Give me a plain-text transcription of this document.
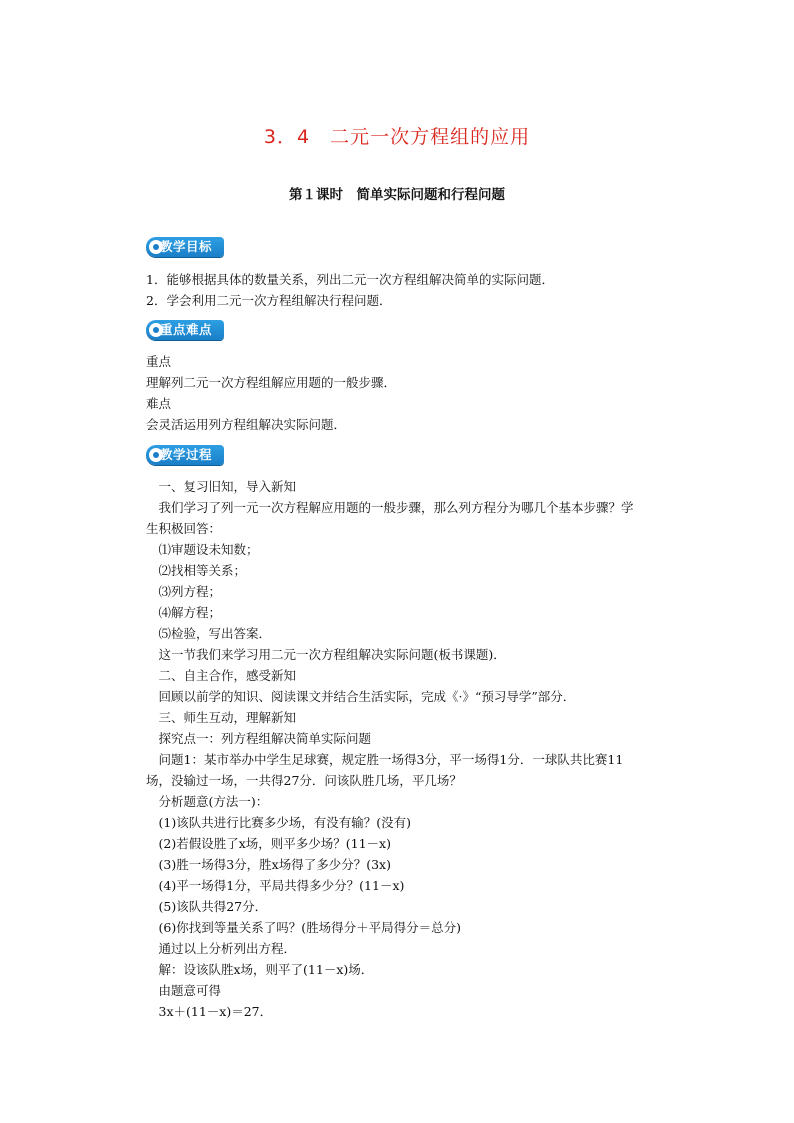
3．4　二元一次方程组的应用
第１课时　简单实际问题和行程问题
教学目标
1．能够根据具体的数量关系，列出二元一次方程组解决简单的实际问题．
2．学会利用二元一次方程组解决行程问题．
重点难点
重点
理解列二元一次方程组解应用题的一般步骤．
难点
会灵活运用列方程组解决实际问题．
教学过程
　一、复习旧知，导入新知
　我们学习了列一元一次方程解应用题的一般步骤，那么列方程分为哪几个基本步骤？学
生积极回答：
　⑴审题设未知数；
　⑵找相等关系；
　⑶列方程；
　⑷解方程；
　⑸检验，写出答案．
　这一节我们来学习用二元一次方程组解决实际问题(板书课题)．
　二、自主合作，感受新知
　回顾以前学的知识、阅读课文并结合生活实际，完成《·》“预习导学”部分．
　三、师生互动，理解新知
　探究点一：列方程组解决简单实际问题
　问题1：某市举办中学生足球赛，规定胜一场得3分，平一场得1分．一球队共比赛11
场，没输过一场，一共得27分．问该队胜几场，平几场？
　分析题意(方法一)：
　(1)该队共进行比赛多少场，有没有输？(没有)
　(2)若假设胜了x场，则平多少场？(11－x)
　(3)胜一场得3分，胜x场得了多少分？(3x)
　(4)平一场得1分，平局共得多少分？(11－x)
　(5)该队共得27分．
　(6)你找到等量关系了吗？(胜场得分＋平局得分＝总分)
　通过以上分析列出方程．
　解：设该队胜x场，则平了(11－x)场．
　由题意可得
　3x＋(11－x)＝27．
